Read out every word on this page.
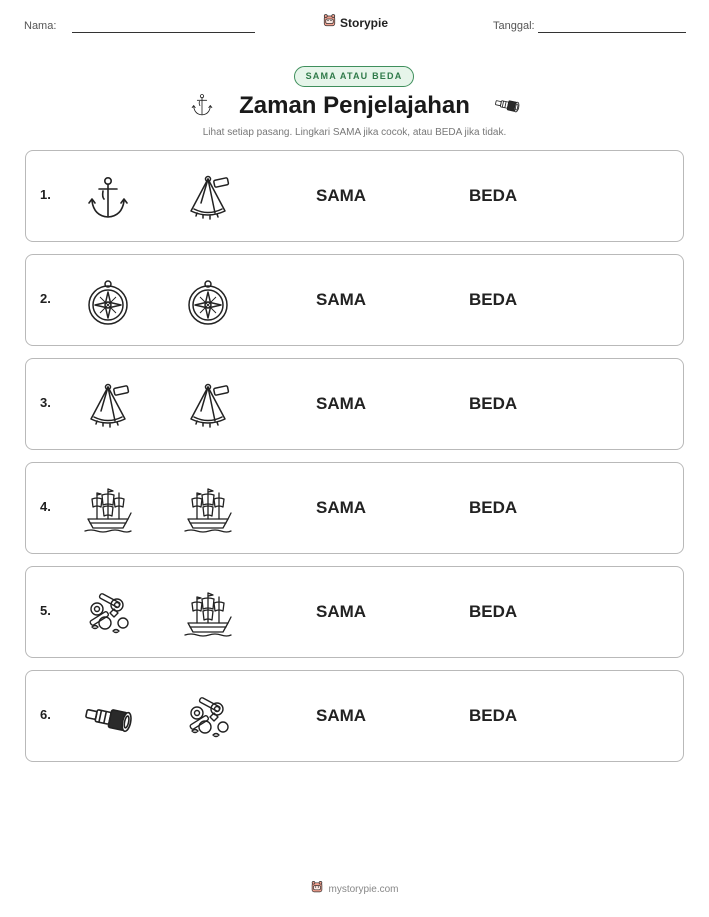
Nama:	Storypie	Tanggal:
SAMA ATAU BEDA
Zaman Penjelajahan
Lihat setiap pasang. Lingkari SAMA jika cocok, atau BEDA jika tidak.
1.	SAMA	BEDA
2.	SAMA	BEDA
3.	SAMA	BEDA
4.	SAMA	BEDA
5.	SAMA	BEDA
6.	SAMA	BEDA
mystorypie.com
